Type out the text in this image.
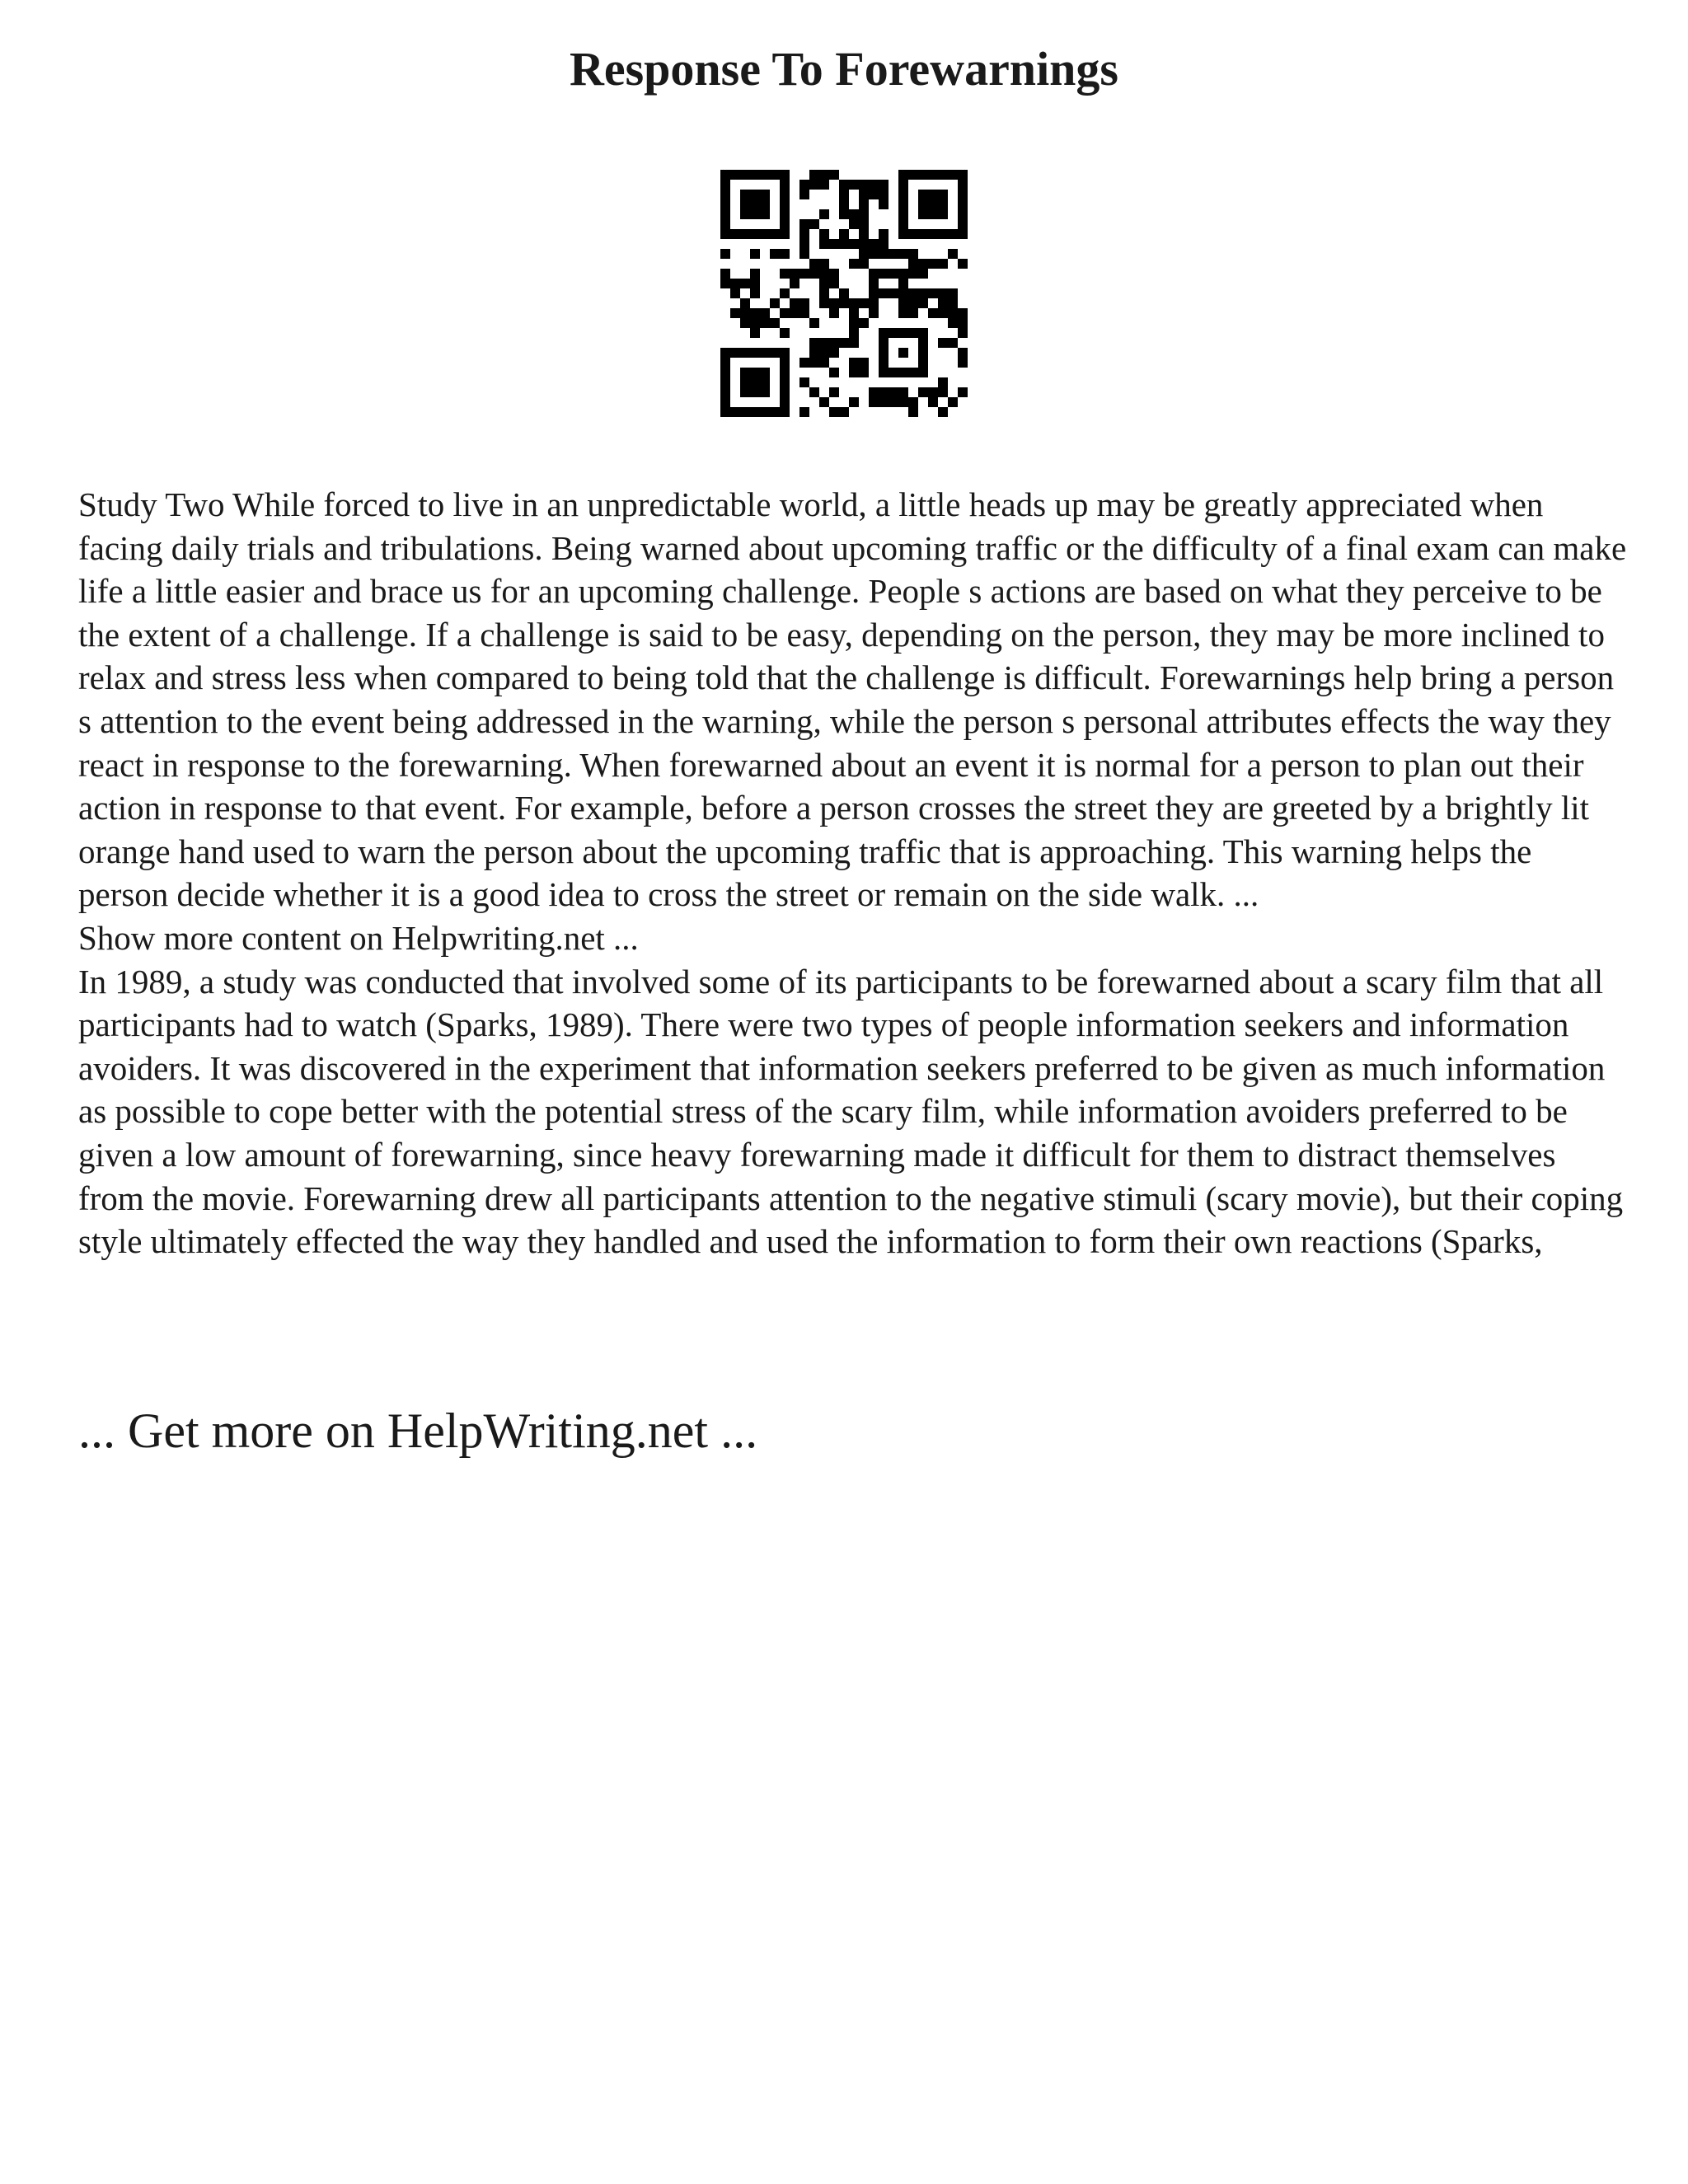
Response To Forewarnings

Study Two While forced to live in an unpredictable world, a little heads up may be greatly appreciated when facing daily trials and tribulations. Being warned about upcoming traffic or the difficulty of a final exam can make life a little easier and brace us for an upcoming challenge. People s actions are based on what they perceive to be the extent of a challenge. If a challenge is said to be easy, depending on the person, they may be more inclined to relax and stress less when compared to being told that the challenge is difficult. Forewarnings help bring a person s attention to the event being addressed in the warning, while the person s personal attributes effects the way they react in response to the forewarning. When forewarned about an event it is normal for a person to plan out their action in response to that event. For example, before a person crosses the street they are greeted by a brightly lit orange hand used to warn the person about the upcoming traffic that is approaching. This warning helps the person decide whether it is a good idea to cross the street or remain on the side walk. ...

Show more content on Helpwriting.net ...

In 1989, a study was conducted that involved some of its participants to be forewarned about a scary film that all participants had to watch (Sparks, 1989). There were two types of people information seekers and information avoiders. It was discovered in the experiment that information seekers preferred to be given as much information as possible to cope better with the potential stress of the scary film, while information avoiders preferred to be given a low amount of forewarning, since heavy forewarning made it difficult for them to distract themselves from the movie. Forewarning drew all participants attention to the negative stimuli (scary movie), but their coping style ultimately effected the way they handled and used the information to form their own reactions (Sparks,

... Get more on HelpWriting.net ...
